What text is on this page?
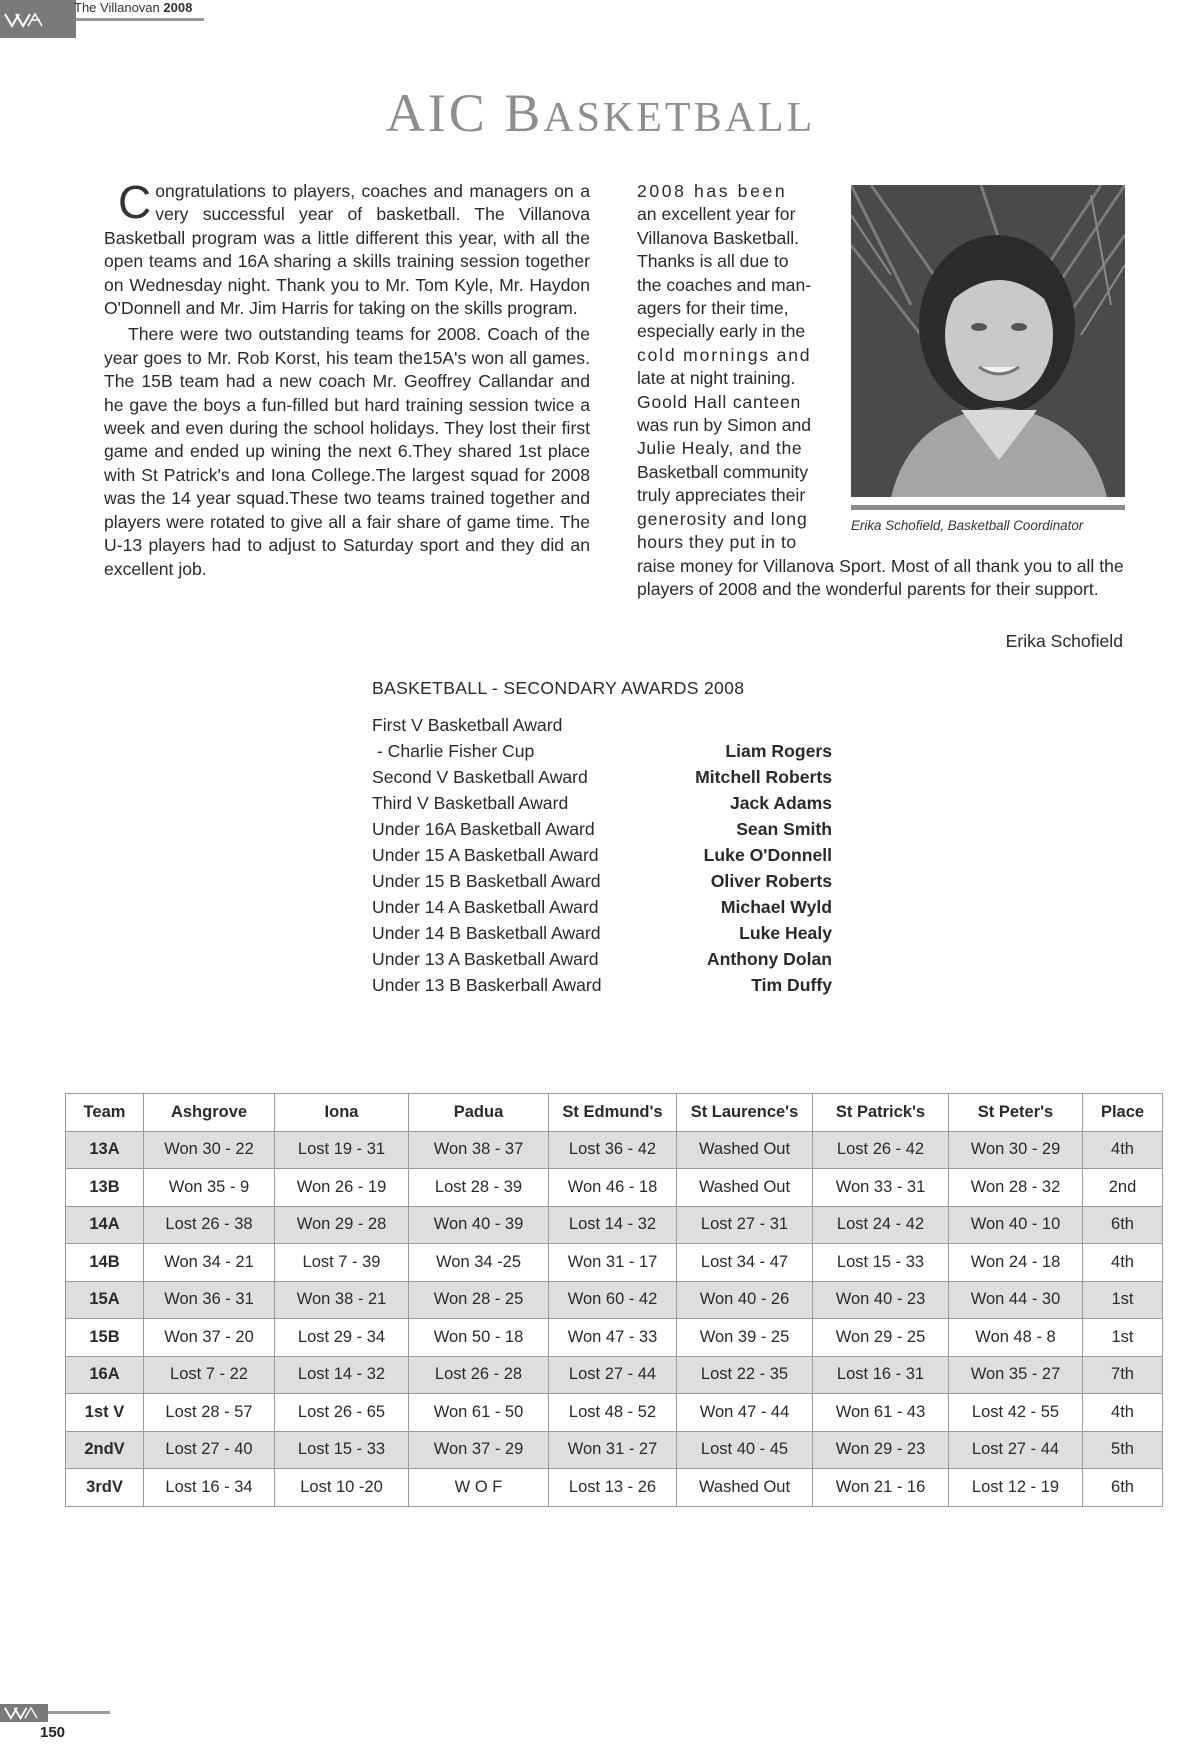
The Villanovan 2008
AIC BASKETBALL

Congratulations to players, coaches and managers on a very successful year of basketball. The Villanova Basketball program was a little different this year, with all the open teams and 16A sharing a skills training session together on Wednesday night. Thank you to Mr. Tom Kyle, Mr. Haydon O'Donnell and Mr. Jim Harris for taking on the skills program.

There were two outstanding teams for 2008. Coach of the year goes to Mr. Rob Korst, his team the15A's won all games. The 15B team had a new coach Mr. Geoffrey Callandar and he gave the boys a fun-filled but hard training session twice a week and even during the school holidays. They lost their first game and ended up wining the next 6.They shared 1st place with St Patrick's and Iona College.The largest squad for 2008 was the 14 year squad.These two teams trained together and players were rotated to give all a fair share of game time. The U-13 players had to adjust to Saturday sport and they did an excellent job.

2008 has been
an excellent year for
Villanova Basketball.
Thanks is all due to
the coaches and man-
agers for their time,
especially early in the
cold mornings and
late at night training.
Goold Hall canteen
was run by Simon and
Julie Healy, and the
Basketball community
truly appreciates their
generosity and long
hours they put in to
raise money for Villanova Sport. Most of all thank you to all the players of 2008 and the wonderful parents for their support.
Erika Schofield
Erika Schofield, Basketball Coordinator
BASKETBALL - SECONDARY AWARDS 2008
First V Basketball Award
- Charlie Fisher Cup	Liam Rogers
Second V Basketball Award	Mitchell Roberts
Third V Basketball Award	Jack Adams
Under 16A Basketball Award	Sean Smith
Under 15 A Basketball Award	Luke O'Donnell
Under 15 B Basketball Award	Oliver Roberts
Under 14 A Basketball Award	Michael Wyld
Under 14 B Basketball Award	Luke Healy
Under 13 A Basketball Award	Anthony Dolan
Under 13 B Baskerball Award	Tim Duffy
Team	Ashgrove	Iona	Padua	St Edmund's	St Laurence's	St Patrick's	St Peter's	Place
13A	Won 30 - 22	Lost 19 - 31	Won 38 - 37	Lost 36 - 42	Washed Out	Lost 26 - 42	Won 30 - 29	4th
13B	Won 35 - 9	Won 26 - 19	Lost 28 - 39	Won 46 - 18	Washed Out	Won 33 - 31	Won 28 - 32	2nd
14A	Lost 26 - 38	Won 29 - 28	Won 40 - 39	Lost 14 - 32	Lost 27 - 31	Lost 24 - 42	Won 40 - 10	6th
14B	Won 34 - 21	Lost 7 - 39	Won 34 -25	Won 31 - 17	Lost 34 - 47	Lost 15 - 33	Won 24 - 18	4th
15A	Won 36 - 31	Won 38 - 21	Won 28 - 25	Won 60 - 42	Won 40 - 26	Won 40 - 23	Won 44 - 30	1st
15B	Won 37 - 20	Lost 29 - 34	Won 50 - 18	Won 47 - 33	Won 39 - 25	Won 29 - 25	Won 48 - 8	1st
16A	Lost 7 - 22	Lost 14 - 32	Lost 26 - 28	Lost 27 - 44	Lost 22 - 35	Lost 16 - 31	Won 35 - 27	7th
1st V	Lost 28 - 57	Lost 26 - 65	Won 61 - 50	Lost 48 - 52	Won 47 - 44	Won 61 - 43	Lost 42 - 55	4th
2ndV	Lost 27 - 40	Lost 15 - 33	Won 37 - 29	Won 31 - 27	Lost 40 - 45	Won 29 - 23	Lost 27 - 44	5th
3rdV	Lost 16 - 34	Lost 10 -20	W O F	Lost 13 - 26	Washed Out	Won 21 - 16	Lost 12 - 19	6th
150
